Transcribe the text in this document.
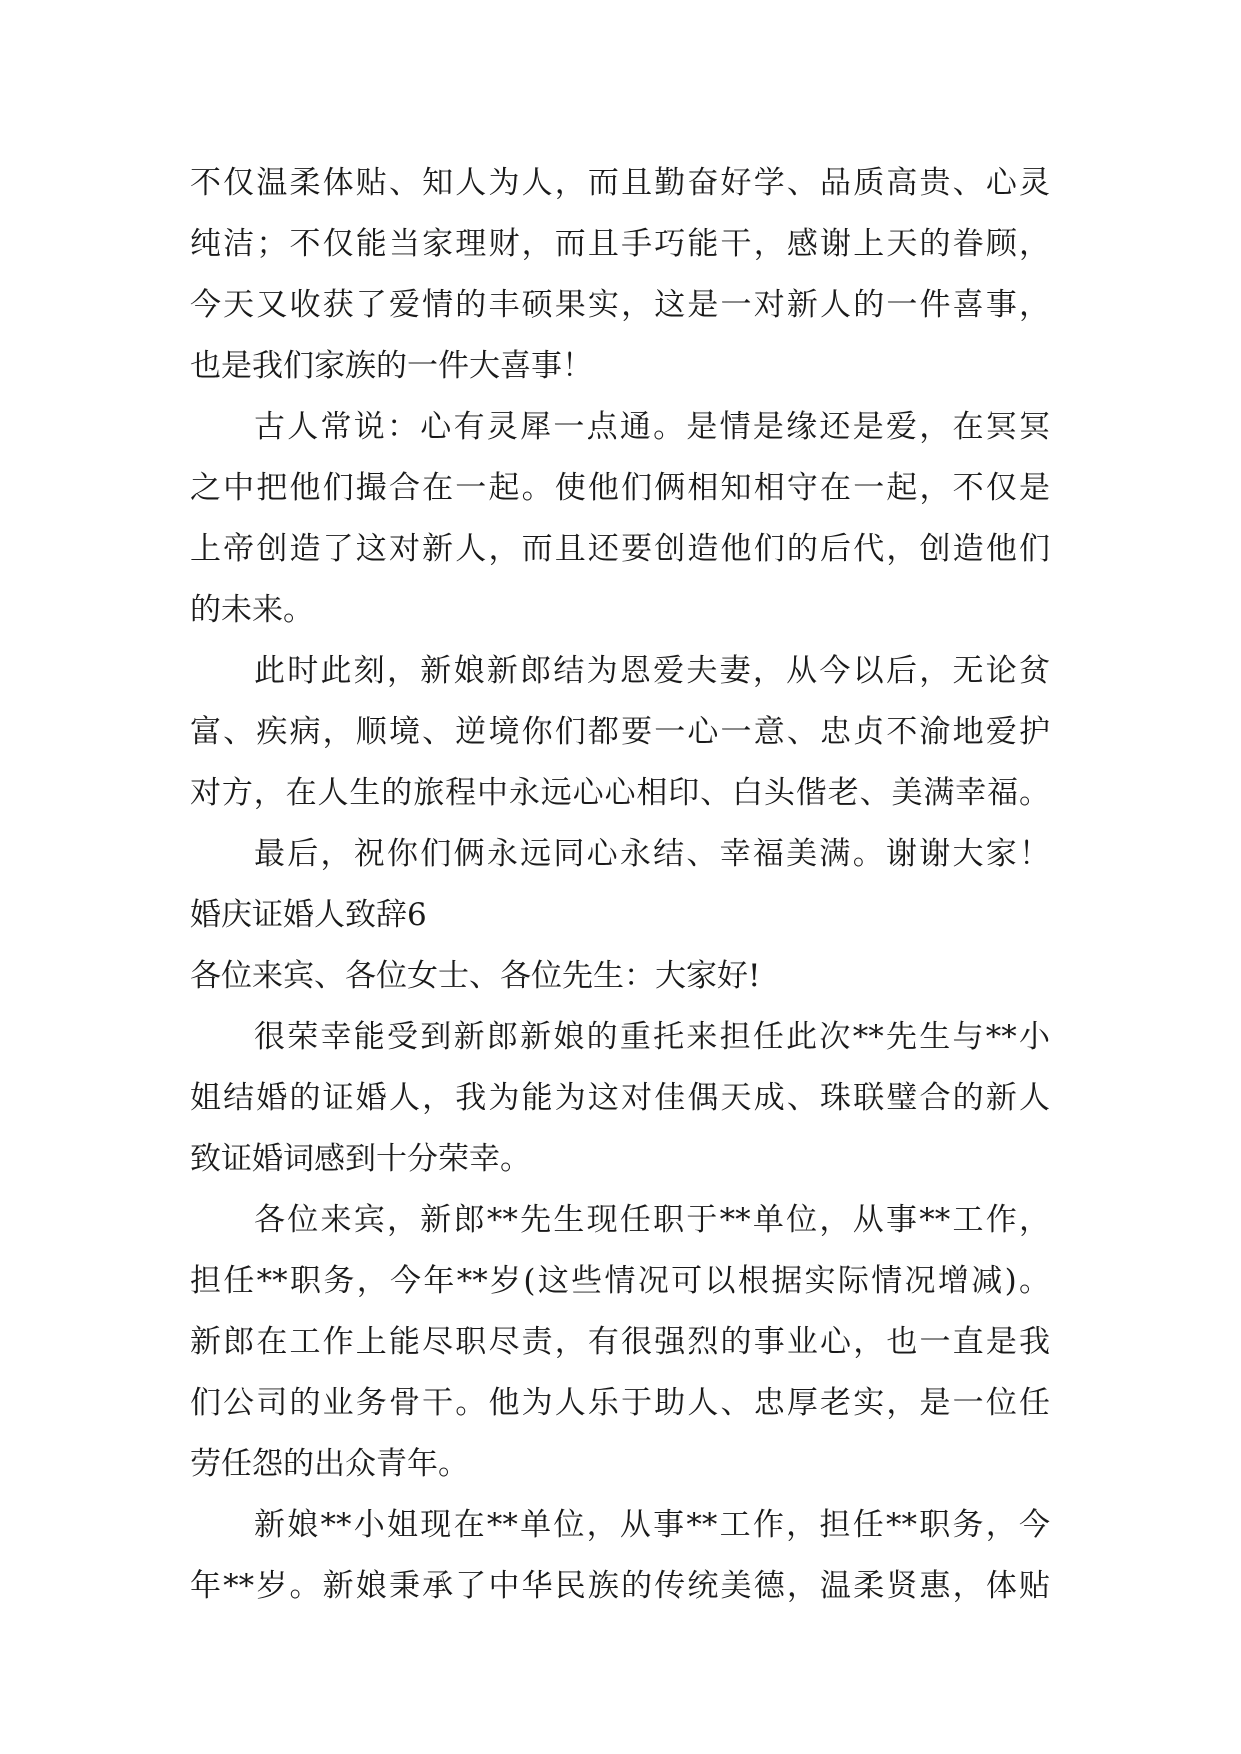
不仅温柔体贴、知人为人，而且勤奋好学、品质高贵、心灵
纯洁；不仅能当家理财，而且手巧能干，感谢上天的眷顾，
今天又收获了爱情的丰硕果实，这是一对新人的一件喜事，
也是我们家族的一件大喜事！
古人常说：心有灵犀一点通。是情是缘还是爱，在冥冥
之中把他们撮合在一起。使他们俩相知相守在一起，不仅是
上帝创造了这对新人，而且还要创造他们的后代，创造他们
的未来。
此时此刻，新娘新郎结为恩爱夫妻，从今以后，无论贫
富、疾病，顺境、逆境你们都要一心一意、忠贞不渝地爱护
对方，在人生的旅程中永远心心相印、白头偕老、美满幸福。
最后，祝你们俩永远同心永结、幸福美满。谢谢大家！
婚庆证婚人致辞6
各位来宾、各位女士、各位先生：大家好!
很荣幸能受到新郎新娘的重托来担任此次**先生与**小
姐结婚的证婚人，我为能为这对佳偶天成、珠联璧合的新人
致证婚词感到十分荣幸。
各位来宾，新郎**先生现任职于**单位，从事**工作，
担任**职务，今年**岁(这些情况可以根据实际情况增减)。
新郎在工作上能尽职尽责，有很强烈的事业心，也一直是我
们公司的业务骨干。他为人乐于助人、忠厚老实，是一位任
劳任怨的出众青年。
新娘**小姐现在**单位，从事**工作，担任**职务，今
年**岁。新娘秉承了中华民族的传统美德，温柔贤惠，体贴
